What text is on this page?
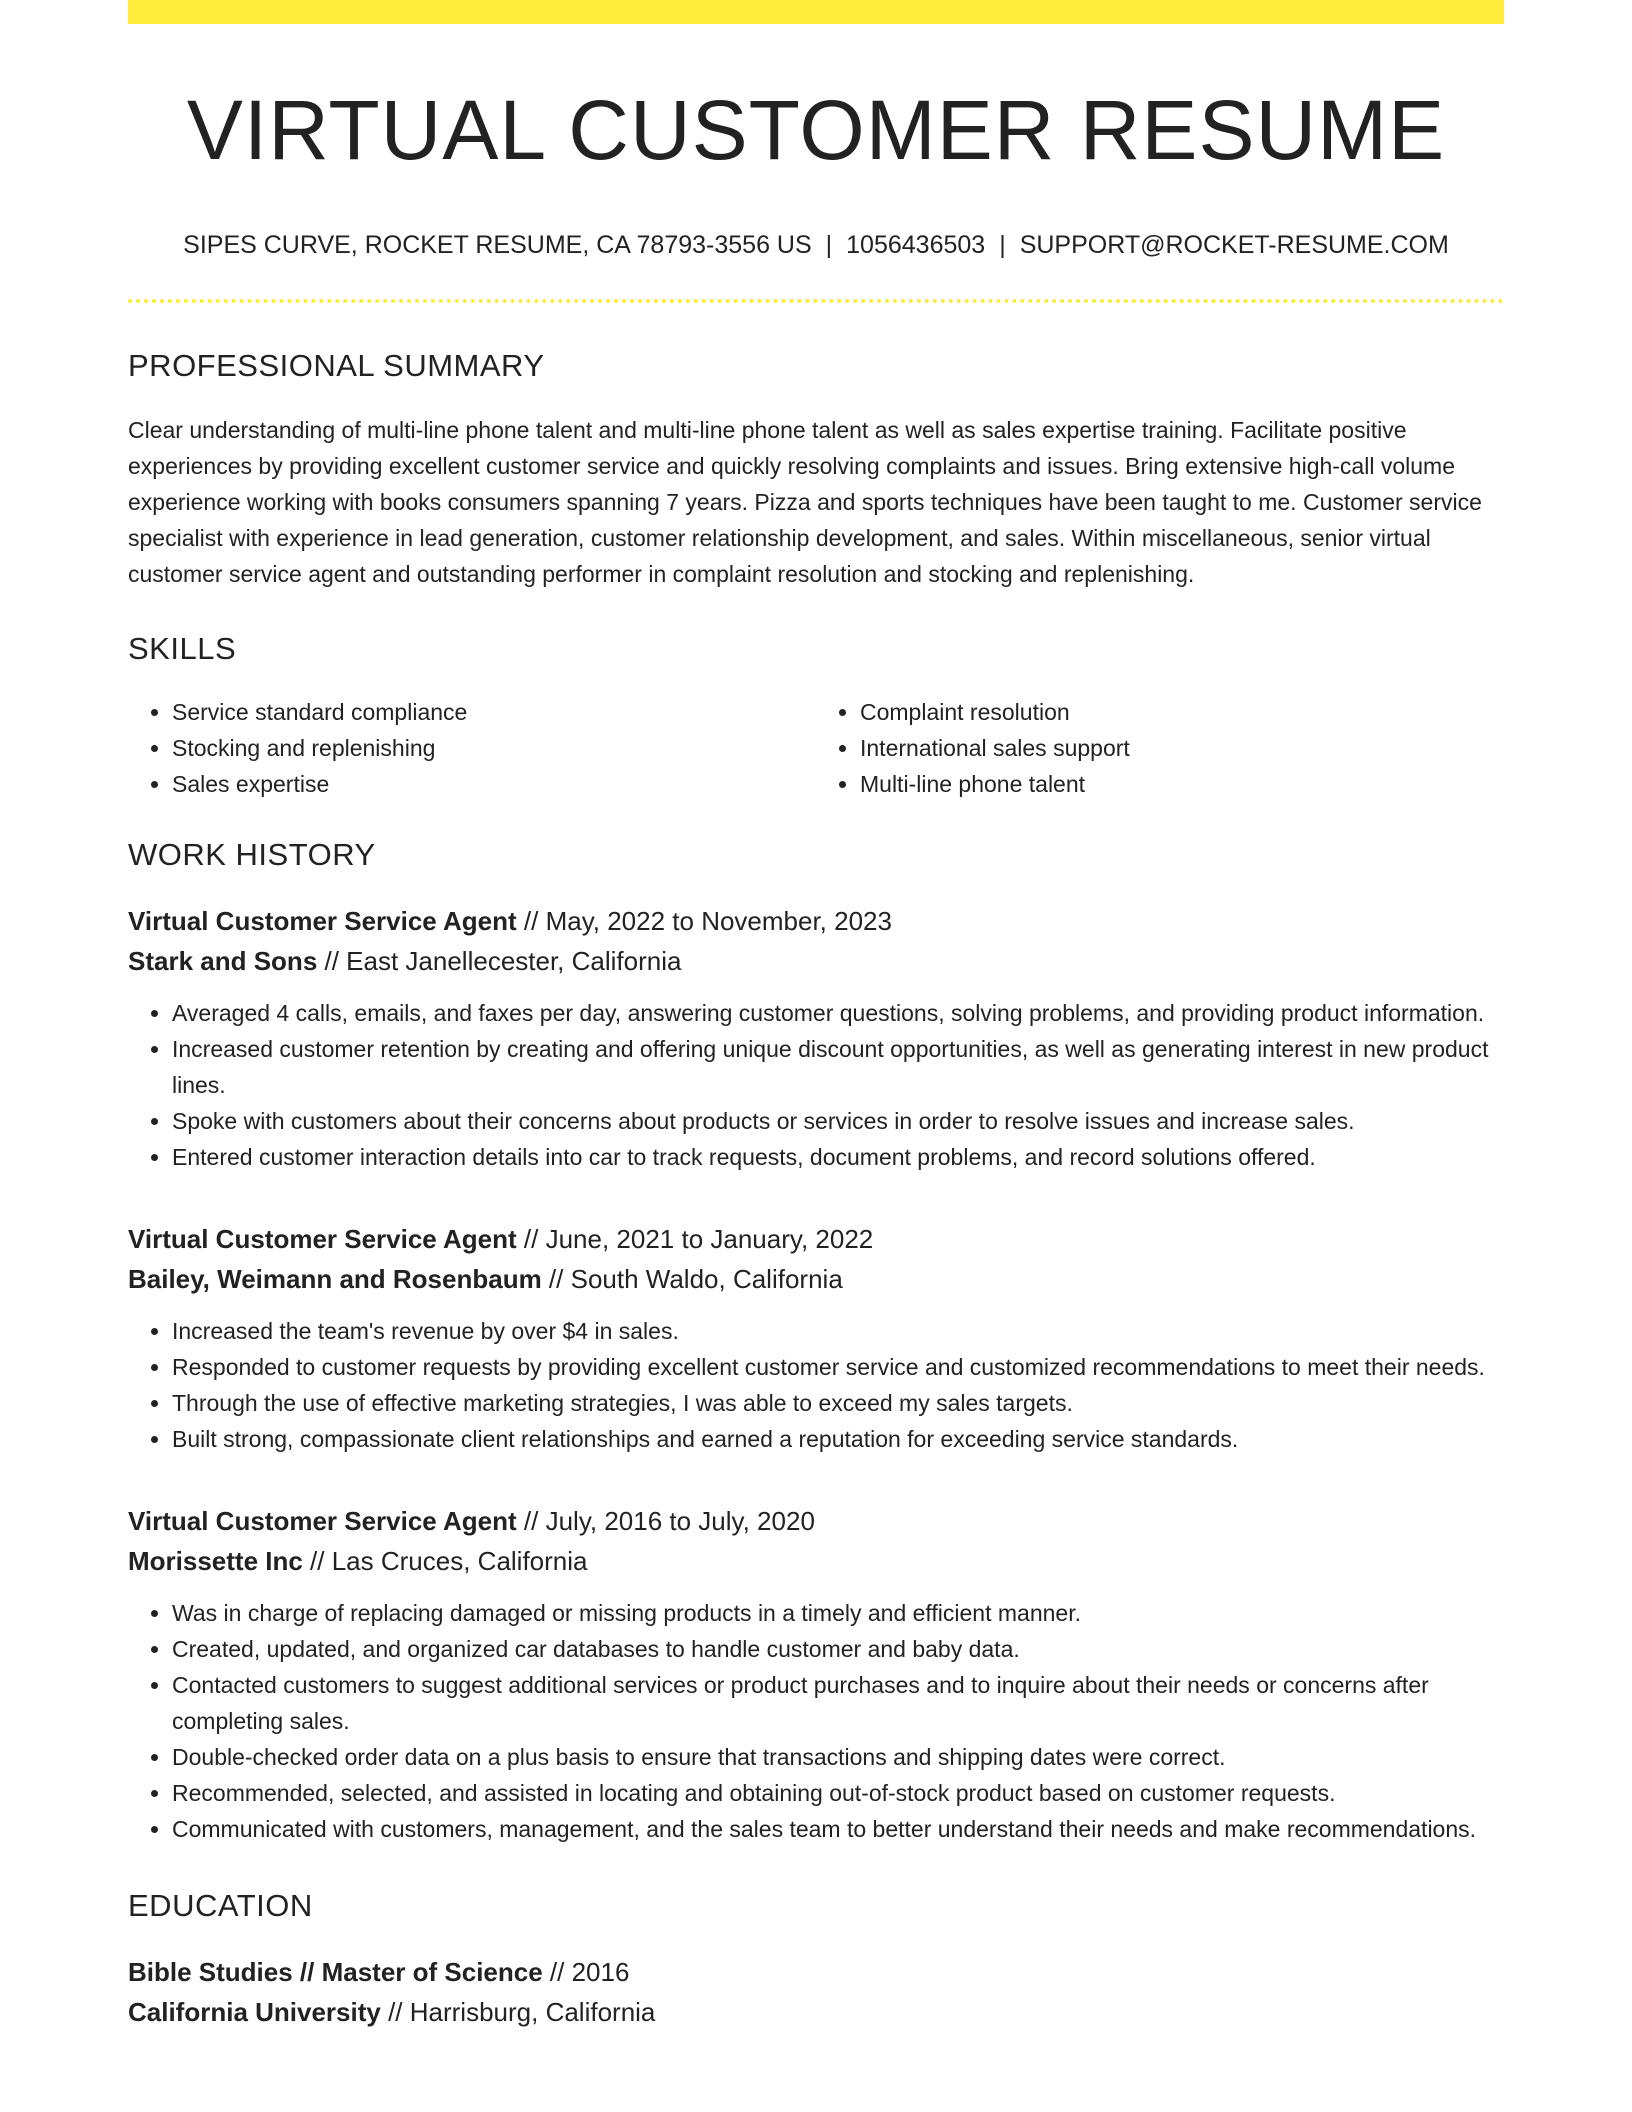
VIRTUAL CUSTOMER RESUME
SIPES CURVE, ROCKET RESUME, CA 78793-3556 US | 1056436503 | SUPPORT@ROCKET-RESUME.COM
PROFESSIONAL SUMMARY

Clear understanding of multi-line phone talent and multi-line phone talent as well as sales expertise training. Facilitate positive experiences by providing excellent customer service and quickly resolving complaints and issues. Bring extensive high-call volume experience working with books consumers spanning 7 years. Pizza and sports techniques have been taught to me. Customer service specialist with experience in lead generation, customer relationship development, and sales. Within miscellaneous, senior virtual customer service agent and outstanding performer in complaint resolution and stocking and replenishing.

SKILLS
• Service standard compliance
• Stocking and replenishing
• Sales expertise
• Complaint resolution
• International sales support
• Multi-line phone talent
WORK HISTORY
Virtual Customer Service Agent // May, 2022 to November, 2023
Stark and Sons // East Janellecester, California
• Averaged 4 calls, emails, and faxes per day, answering customer questions, solving problems, and providing product information.
• Increased customer retention by creating and offering unique discount opportunities, as well as generating interest in new product lines.
• Spoke with customers about their concerns about products or services in order to resolve issues and increase sales.
• Entered customer interaction details into car to track requests, document problems, and record solutions offered.
Virtual Customer Service Agent // June, 2021 to January, 2022
Bailey, Weimann and Rosenbaum // South Waldo, California
• Increased the team's revenue by over $4 in sales.
• Responded to customer requests by providing excellent customer service and customized recommendations to meet their needs.
• Through the use of effective marketing strategies, I was able to exceed my sales targets.
• Built strong, compassionate client relationships and earned a reputation for exceeding service standards.
Virtual Customer Service Agent // July, 2016 to July, 2020
Morissette Inc // Las Cruces, California
• Was in charge of replacing damaged or missing products in a timely and efficient manner.
• Created, updated, and organized car databases to handle customer and baby data.
• Contacted customers to suggest additional services or product purchases and to inquire about their needs or concerns after completing sales.
• Double-checked order data on a plus basis to ensure that transactions and shipping dates were correct.
• Recommended, selected, and assisted in locating and obtaining out-of-stock product based on customer requests.
• Communicated with customers, management, and the sales team to better understand their needs and make recommendations.
EDUCATION
Bible Studies // Master of Science // 2016
California University // Harrisburg, California
